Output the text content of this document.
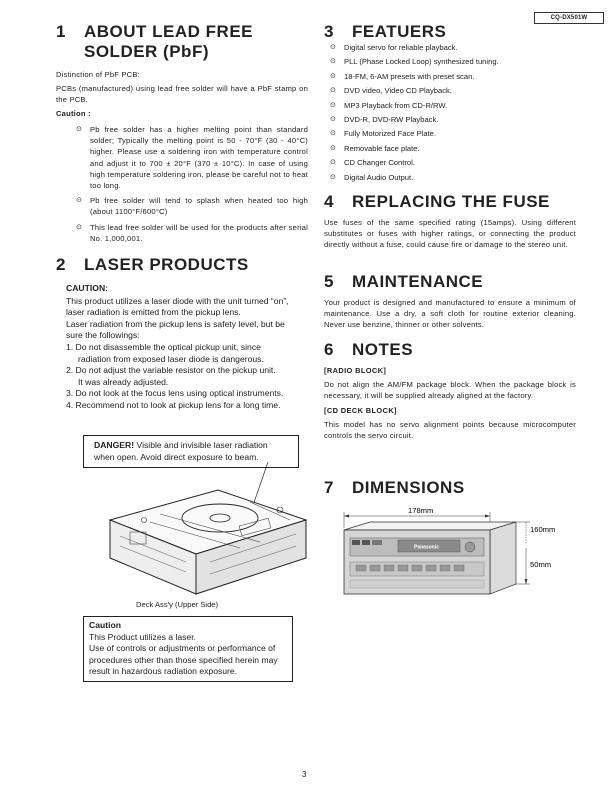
CQ-DX501W
1 ABOUT LEAD FREE
SOLDER (PbF)

Distinction of PbF PCB:

PCBs (manufactured) using lead free solder will have a PbF stamp on the PCB.

Caution :

⊙ Pb free solder has a higher melting point than standard solder; Typically the melting point is 50 - 70°F (30 - 40°C) higher. Please use a soldering iron with temperature control and adjust it to 700 ± 20°F (370 ± 10°C). In case of using high temperature soldering iron, please be careful not to heat too long.
⊙ Pb free solder will tend to splash when heated too high (about 1100°F/600°C)
⊙ This lead free solder will be used for the products after serial No. 1,000,001.
2 LASER PRODUCTS
CAUTION:
This product utilizes a laser diode with the unit turned “on”,
laser radiation is emitted from the pickup lens.
Laser radiation from the pickup lens is safety level, but be
sure the followings:
1. Do not disassemble the optical pickup unit, since
radiation from exposed laser diode is dangerous.
2. Do not adjust the variable resistor on the pickup unit.
It was already adjusted.
3. Do not look at the focus lens using optical instruments.
4. Recommend not to look at pickup lens for a long time.
DANGER! Visible and invisible laser radiation
when open. Avoid direct exposure to beam.
Deck Ass'y (Upper Side)
Caution
This Product utilizes a laser.
Use of controls or adjustments or performance of
procedures other than those specified herein may
result in hazardous radiation exposure.
3 FEATUERS
⊙ Digital servo for reliable playback.
⊙ PLL (Phase Locked Loop) synthesized tuning.
⊙ 18-FM, 6-AM presets with preset scan.
⊙ DVD video, Video CD Playback.
⊙ MP3 Playback from CD-R/RW.
⊙ DVD-R, DVD-RW Playback.
⊙ Fully Motorized Face Plate.
⊙ Removable face plate.
⊙ CD Changer Control.
⊙ Digital Audio Output.
4 REPLACING THE FUSE

Use fuses of the same specified rating (15amps). Using different substitutes or fuses with higher ratings, or connecting the product directly without a fuse, could cause fire or damage to the stereo unit.

5 MAINTENANCE

Your product is designed and manufactured to ensure a minimum of maintenance. Use a dry, a soft cloth for routine exterior cleaning. Never use benzine, thinner or other solvents.

6 NOTES
[RADIO BLOCK]

Do not align the AM/FM package block. When the package block is necessary, it will be supplied already aligned at the factory.

[CD DECK BLOCK]

This model has no servo alignment points because microcomputer controls the servo circuit.

7 DIMENSIONS
178mm
Panasonic
160mm
50mm
3
